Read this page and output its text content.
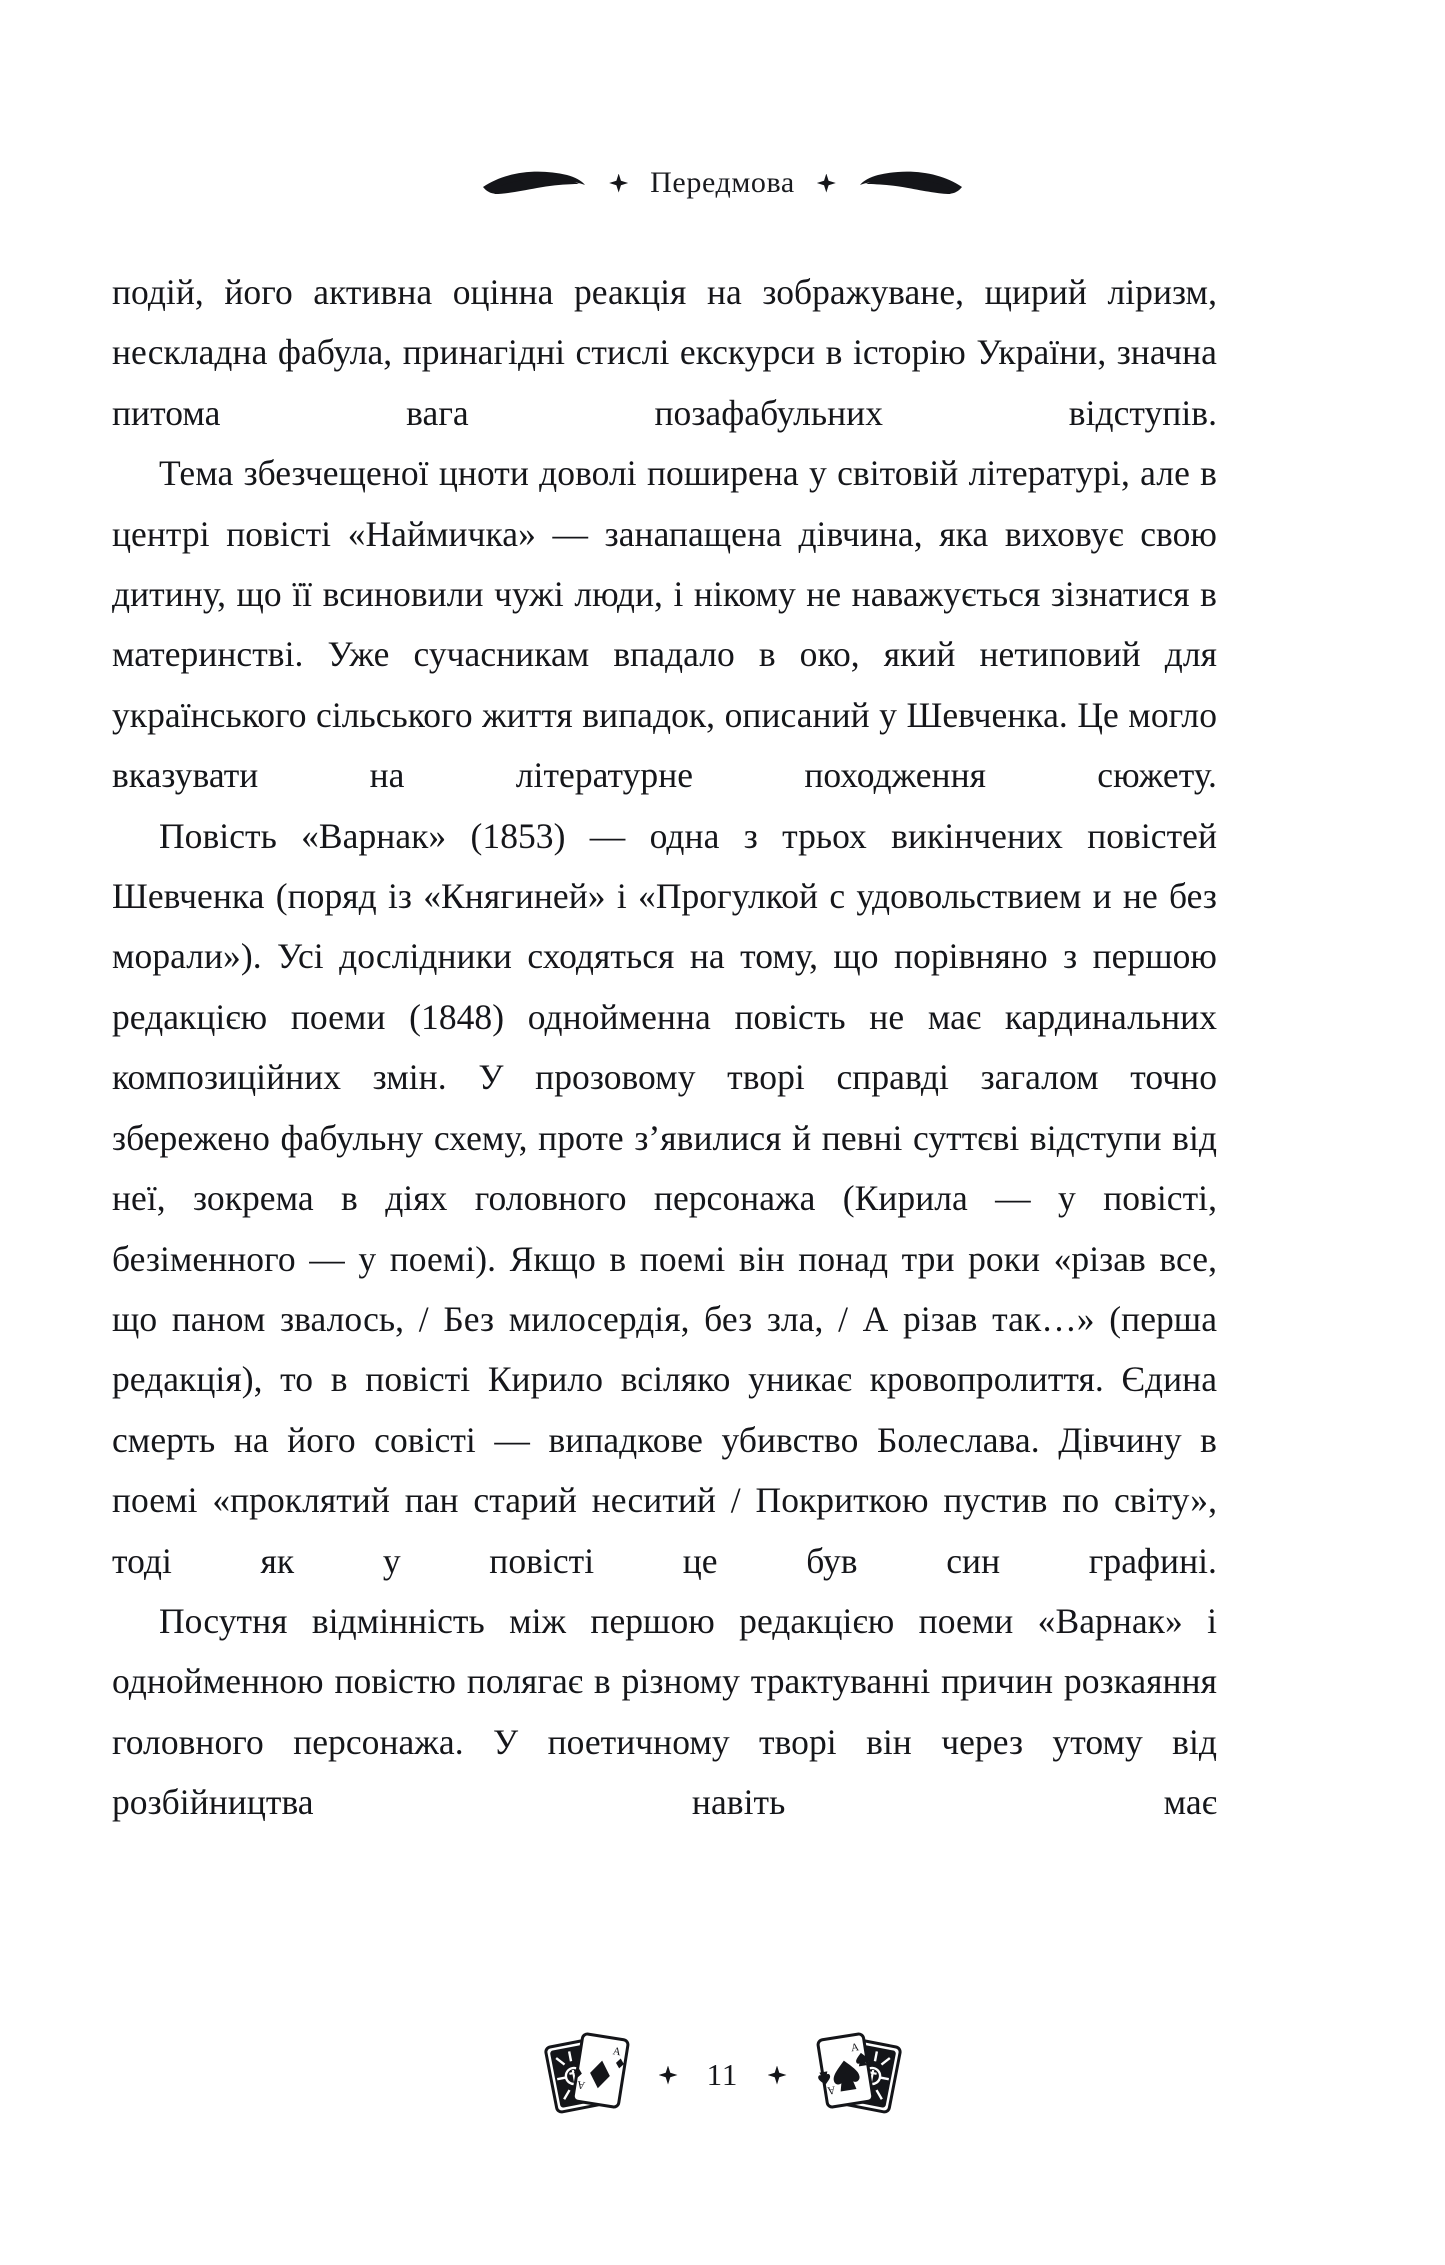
Передмова

подій, його активна оцінна реакція на зображуване, щирий ліризм, нескладна фабула, принагідні стислі екскурси в історію України, значна питома вага позафабульних відступів.

Тема збезчещеної цноти доволі поширена у світовій літературі, але в центрі повісті «Наймичка» — занапащена дівчина, яка виховує свою дитину, що її всиновили чужі люди, і нікому не наважується зізнатися в материнстві. Уже сучасникам впадало в око, який нетиповий для українського сільського життя випадок, описаний у Шевченка. Це могло вказувати на літературне походження сюжету.

Повість «Варнак» (1853) — одна з трьох викінчених повістей Шевченка (поряд із «Княгиней» і «Прогулкой с удовольствием и не без морали»). Усі дослідники сходяться на тому, що порівняно з першою редакцією поеми (1848) однойменна повість не має кардинальних композиційних змін. У прозовому творі справді загалом точно збережено фабульну схему, проте з’явилися й певні суттєві відступи від неї, зокрема в діях головного персонажа (Кирила — у повісті, безіменного — у поемі). Якщо в поемі він понад три роки «різав все, що паном звалось, / Без милосердія, без зла, / А різав так…» (перша редакція), то в повісті Кирило всіляко уникає кровопролиття. Єдина смерть на його совісті — випадкове убивство Болеслава. Дівчину в поемі «проклятий пан старий неситий / Покриткою пустив по світу», тоді як у повісті це був син графині.

Посутня відмінність між першою редакцією поеми «Варнак» і однойменною повістю полягає в різному трактуванні причин розкаяння головного персонажа. У поетичному творі він через утому від розбійництва навіть має

A
A	11
A
A
